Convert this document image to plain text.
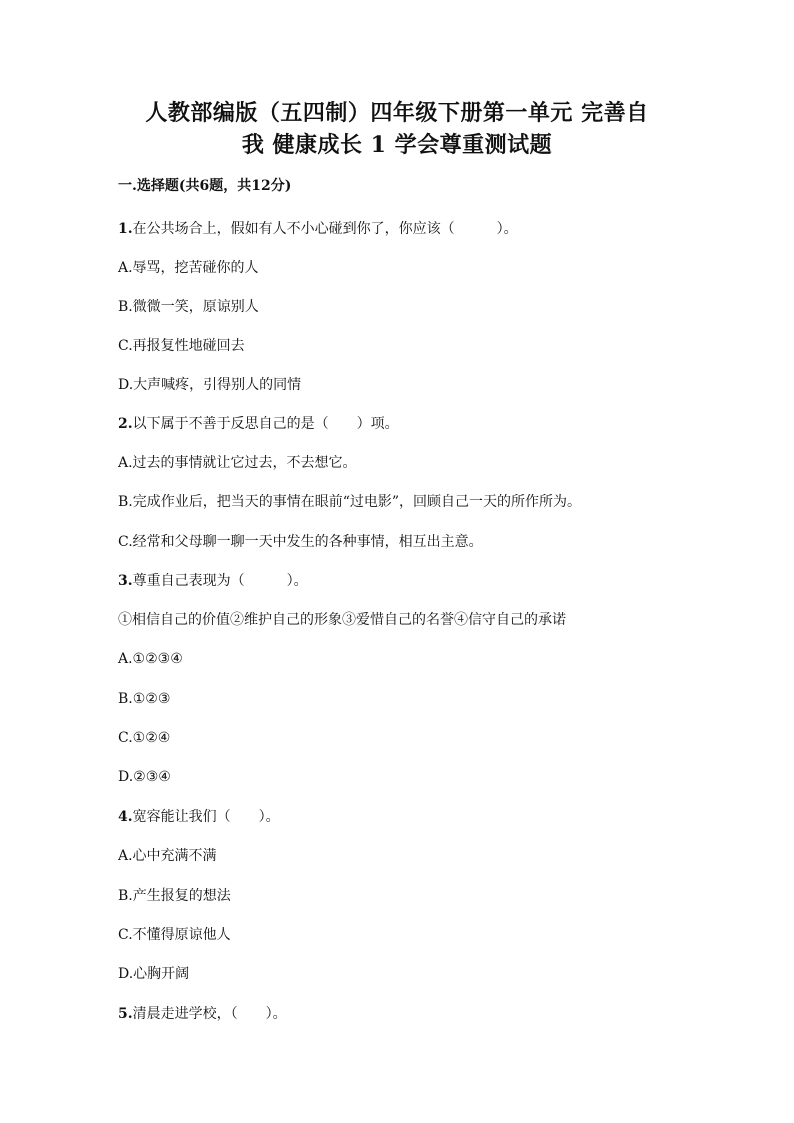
人教部编版（五四制）四年级下册第一单元 完善自
我 健康成长 1 学会尊重测试题
一.选择题(共6题，共12分)
1.在公共场合上，假如有人不小心碰到你了，你应该（　　　）。
A.辱骂，挖苦碰你的人
B.微微一笑，原谅别人
C.再报复性地碰回去
D.大声喊疼，引得别人的同情
2.以下属于不善于反思自己的是（　　）项。
A.过去的事情就让它过去，不去想它。
B.完成作业后，把当天的事情在眼前“过电影”，回顾自己一天的所作所为。
C.经常和父母聊一聊一天中发生的各种事情，相互出主意。
3.尊重自己表现为（　　　）。
①相信自己的价值②维护自己的形象③爱惜自己的名誉④信守自己的承诺
A.①②③④
B.①②③
C.①②④
D.②③④
4.宽容能让我们（　　）。
A.心中充满不满
B.产生报复的想法
C.不懂得原谅他人
D.心胸开阔
5.清晨走进学校，（　　）。
